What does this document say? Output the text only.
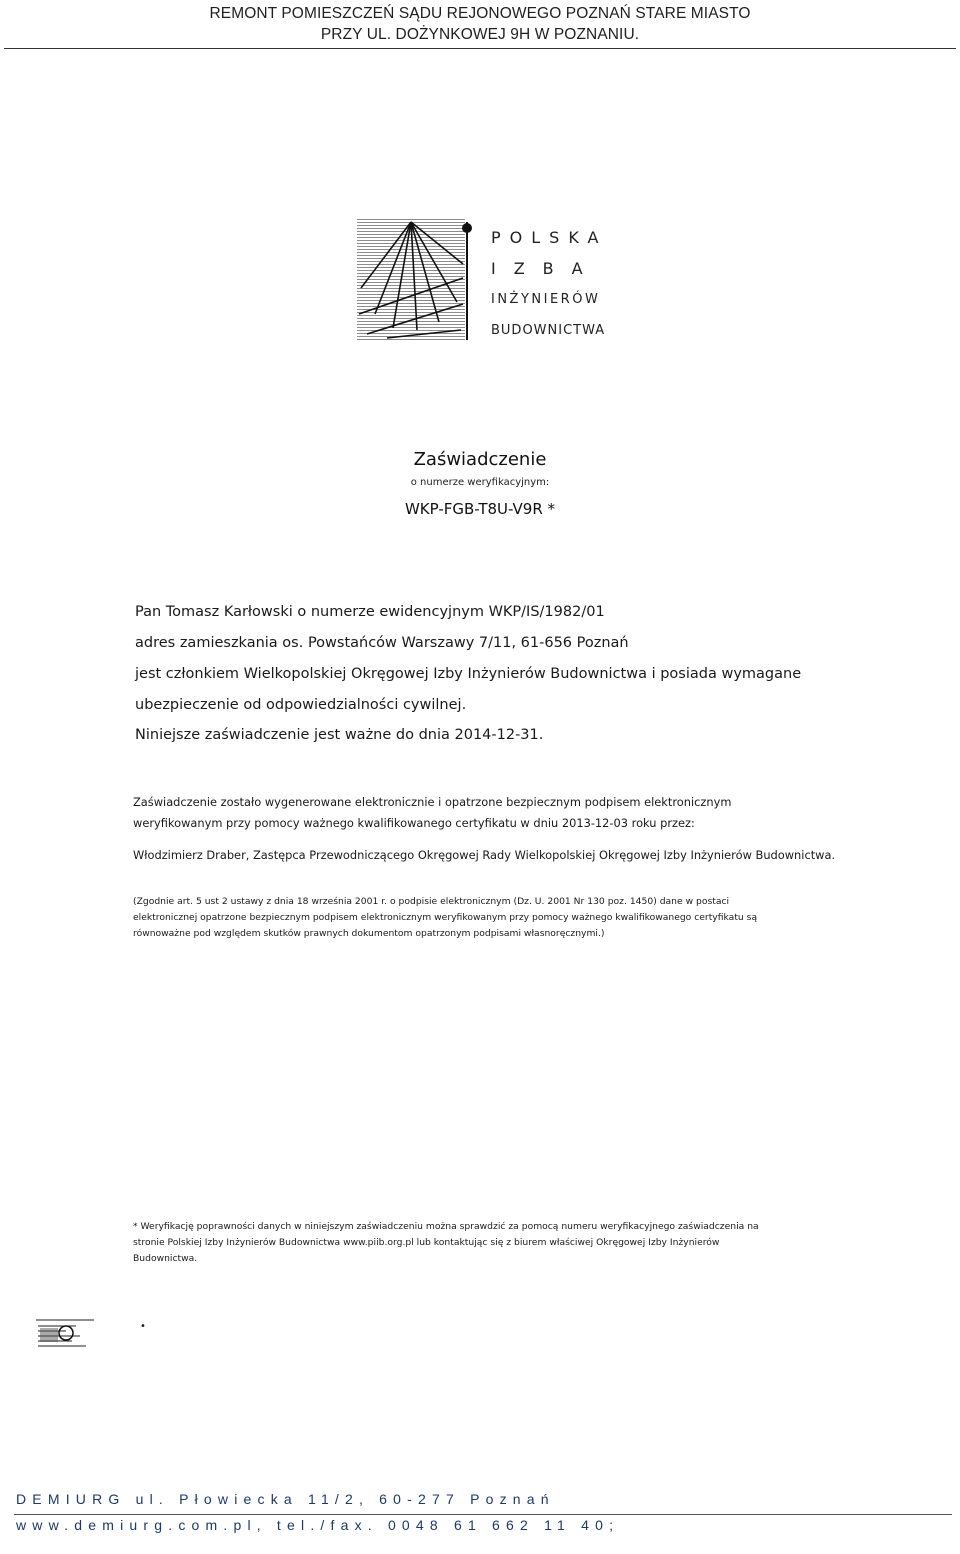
REMONT POMIESZCZEŃ SĄDU REJONOWEGO POZNAŃ STARE MIASTO
PRZY UL. DOŻYNKOWEJ 9H W POZNANIU.
POLSKA
IZBA
INŻYNIERÓW
BUDOWNICTWA
Zaświadczenie
o numerze weryfikacyjnym:
WKP-FGB-T8U-V9R *
Pan Tomasz Karłowski o numerze ewidencyjnym WKP/IS/1982/01
adres zamieszkania os. Powstańców Warszawy 7/11, 61-656 Poznań
jest członkiem Wielkopolskiej Okręgowej Izby Inżynierów Budownictwa i posiada wymagane
ubezpieczenie od odpowiedzialności cywilnej.
Niniejsze zaświadczenie jest ważne do dnia 2014-12-31.
Zaświadczenie zostało wygenerowane elektronicznie i opatrzone bezpiecznym podpisem elektronicznym
weryfikowanym przy pomocy ważnego kwalifikowanego certyfikatu w dniu 2013-12-03 roku przez:
Włodzimierz Draber, Zastępca Przewodniczącego Okręgowej Rady Wielkopolskiej Okręgowej Izby Inżynierów Budownictwa.
(Zgodnie art. 5 ust 2 ustawy z dnia 18 września 2001 r. o podpisie elektronicznym (Dz. U. 2001 Nr 130 poz. 1450) dane w postaci
elektronicznej opatrzone bezpiecznym podpisem elektronicznym weryfikowanym przy pomocy ważnego kwalifikowanego certyfikatu są
równoważne pod względem skutków prawnych dokumentom opatrzonym podpisami własnoręcznymi.)
* Weryfikację poprawności danych w niniejszym zaświadczeniu można sprawdzić za pomocą numeru weryfikacyjnego zaświadczenia na
stronie Polskiej Izby Inżynierów Budownictwa www.piib.org.pl lub kontaktując się z biurem właściwej Okręgowej Izby Inżynierów
Budownictwa.
•
DEMIURG ul. Płowiecka 11/2, 60-277 Poznań
www.demiurg.com.pl, tel./fax. 0048 61 662 11 40;
